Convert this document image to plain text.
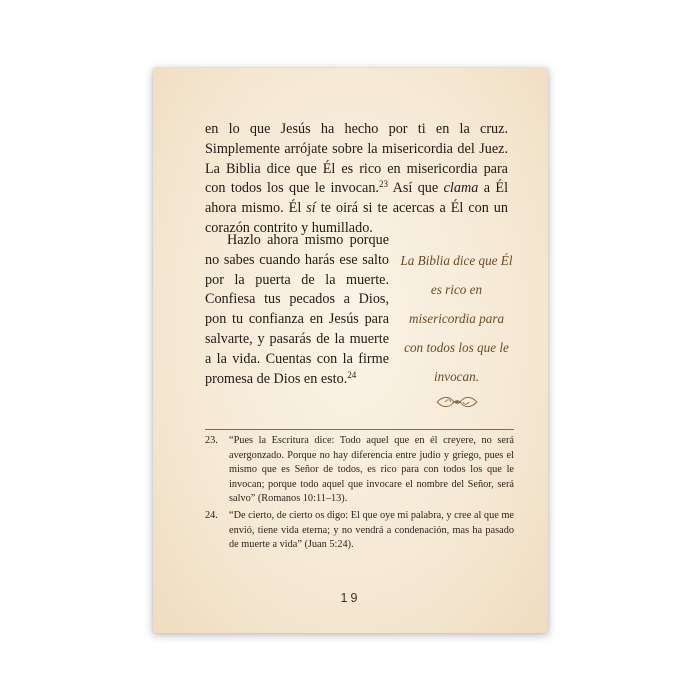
en lo que Jesús ha hecho por ti en la cruz. Simplemente arrójate sobre la misericordia del Juez. La Biblia dice que Él es rico en misericordia para con todos los que le invocan.$^{23}$ Así que clama a Él ahora mismo. Él sí te oirá si te acercas a Él con un corazón contrito y humillado.

Hazlo ahora mismo porque no sabes cuando harás ese salto por la puerta de la muerte. Confiesa tus pecados a Dios, pon tu confianza en Jesús para salvarte, y pasarás de la muerte a la vida. Cuentas con la firme promesa de Dios en esto.$^{24}$
La Biblia dice que Él es rico en misericordia para con todos los que le invocan.
23.	“Pues la Escritura dice: Todo aquel que en él creyere, no será avergonzado. Porque no hay diferencia entre judío y griego, pues el mismo que es Señor de todos, es rico para con todos los que le invocan; porque todo aquel que invocare el nombre del Señor, será salvo” (Romanos 10:11–13).
24.	“De cierto, de cierto os digo: El que oye mi palabra, y cree al que me envió, tiene vida eterna; y no vendrá a condenación, mas ha pasado de muerte a vida” (Juan 5:24).
19
